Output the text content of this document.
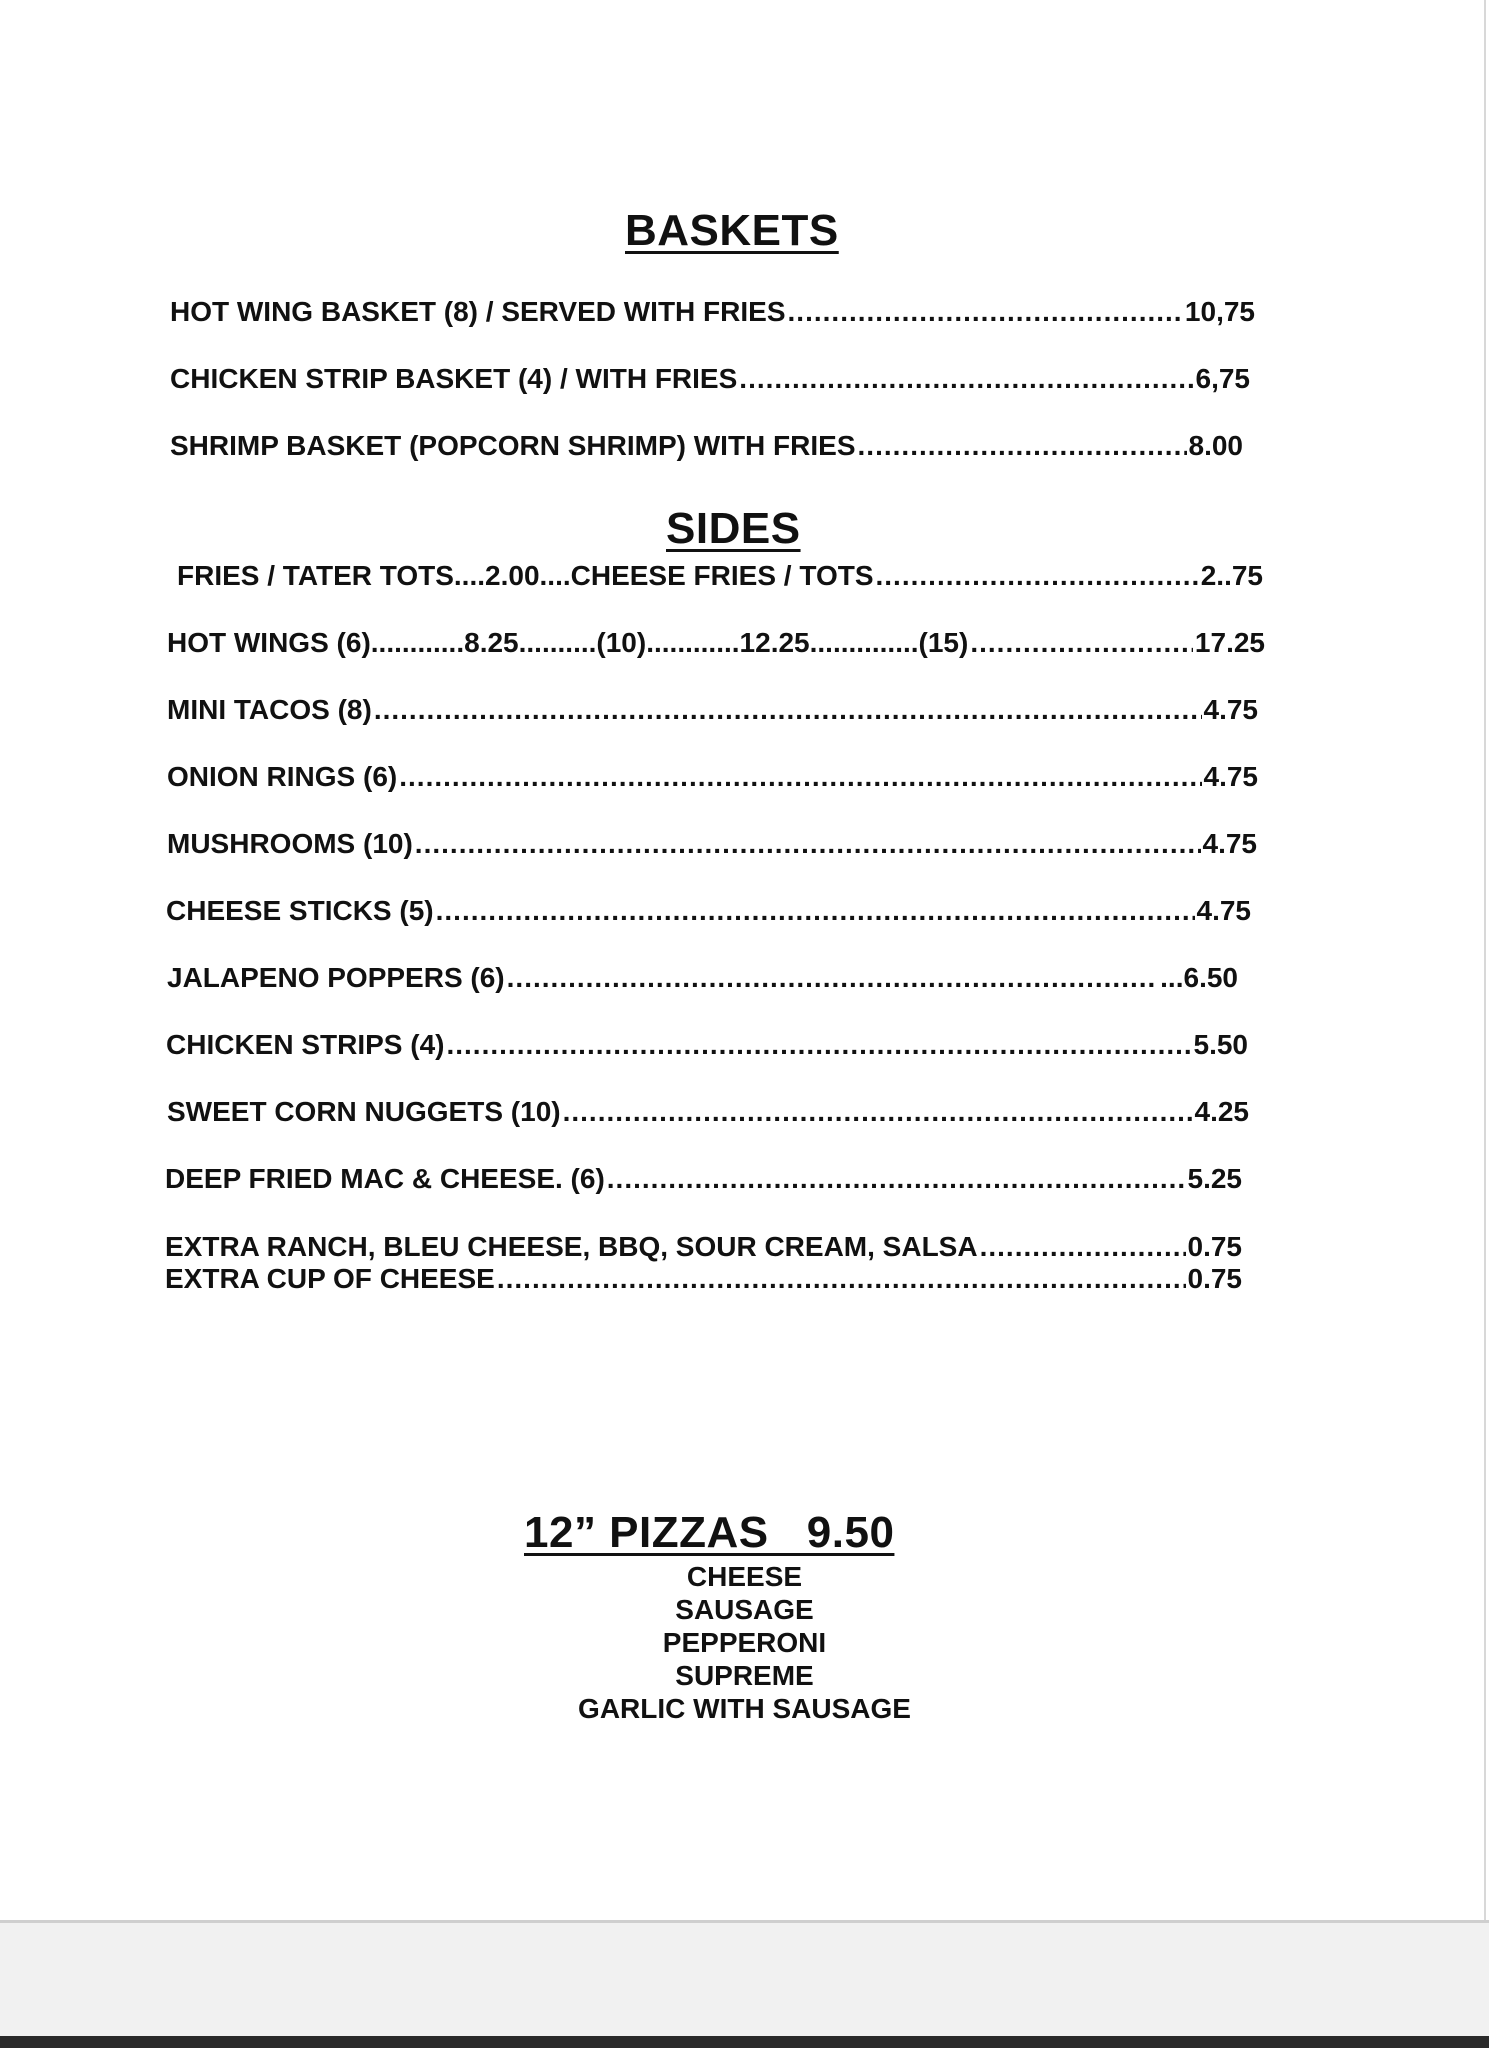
BASKETS
HOT WING BASKET (8) / SERVED WITH FRIES .....	10,75
CHICKEN STRIP BASKET (4) / WITH FRIES .....	6,75
SHRIMP BASKET (POPCORN SHRIMP) WITH FRIES .....	8.00
SIDES
FRIES / TATER TOTS....2.00....CHEESE FRIES / TOTS .....	2..75
HOT WINGS (6)............8.25..........(10)............12.25..............(15) .....	17.25
MINI TACOS (8) .....	4.75
ONION RINGS (6) .....	4.75
MUSHROOMS (10) .....	4.75
CHEESE STICKS (5) .....	4.75
JALAPENO POPPERS (6) .....	...6.50
CHICKEN STRIPS (4) .....	5.50
SWEET CORN NUGGETS (10) .....	4.25
DEEP FRIED MAC & CHEESE. (6) .....	5.25
EXTRA RANCH, BLEU CHEESE, BBQ, SOUR CREAM, SALSA .....	0.75
EXTRA CUP OF CHEESE .....	0.75
12” PIZZAS   9.50
CHEESE
SAUSAGE
PEPPERONI
SUPREME
GARLIC WITH SAUSAGE
